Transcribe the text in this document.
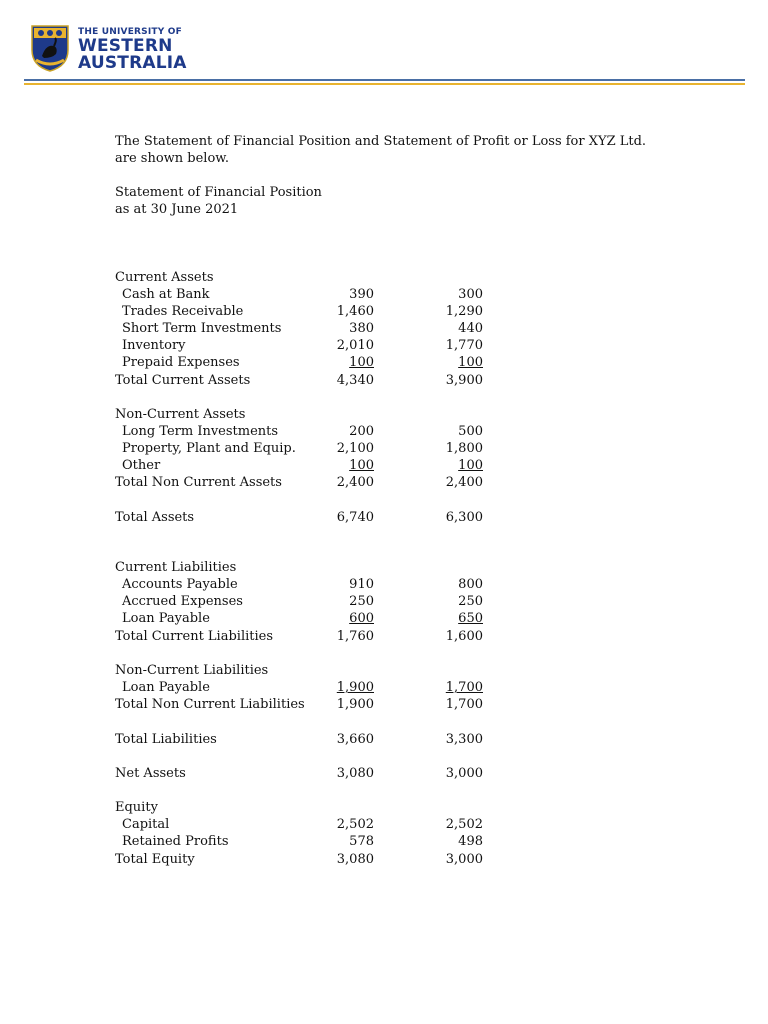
THE UNIVERSITY OF
WESTERN
AUSTRALIA

The Statement of Financial Position and Statement of Profit or Loss for XYZ Ltd.
are shown below.

Statement of Financial Position
as at 30 June 2021

Current Assets
Cash at Bank	390	300
Trades Receivable	1,460	1,290
Short Term Investments	380	440
Inventory	2,010	1,770
Prepaid Expenses	100	100
Total Current Assets	4,340	3,900
Non-Current Assets
Long Term Investments	200	500
Property, Plant and Equip.	2,100	1,800
Other	100	100
Total Non Current Assets	2,400	2,400
Total Assets	6,740	6,300
Current Liabilities
Accounts Payable	910	800
Accrued Expenses	250	250
Loan Payable	600	650
Total Current Liabilities	1,760	1,600
Non-Current Liabilities
Loan Payable	1,900	1,700
Total Non Current Liabilities 1,900	1,700
Total Liabilities	3,660	3,300
Net Assets	3,080	3,000
Equity
Capital	2,502	2,502
Retained Profits	578	498
Total Equity	3,080	3,000
